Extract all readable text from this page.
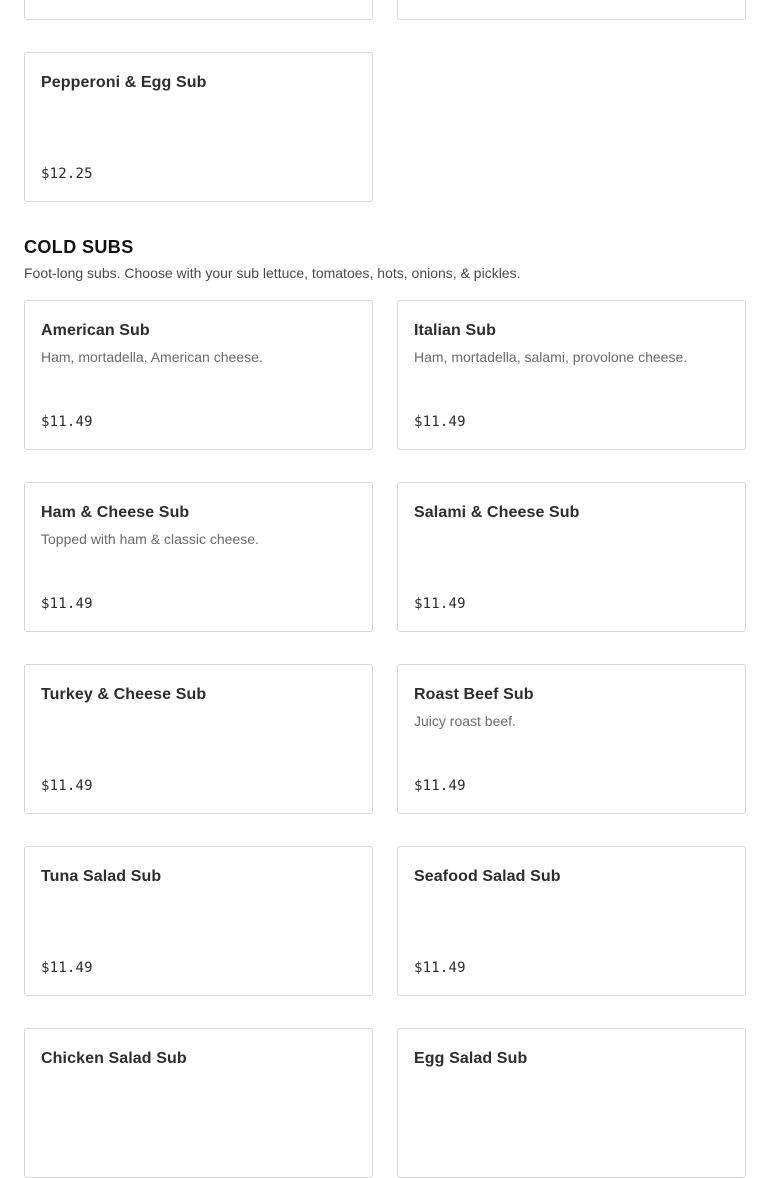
Pepperoni & Egg Sub
$12.25
COLD SUBS
Foot-long subs. Choose with your sub lettuce, tomatoes, hots, onions, & pickles.
American Sub
Ham, mortadella, American cheese.
$11.49
Italian Sub
Ham, mortadella, salami, provolone cheese.
$11.49
Ham & Cheese Sub
Topped with ham & classic cheese.
$11.49
Salami & Cheese Sub
$11.49
Turkey & Cheese Sub
$11.49
Roast Beef Sub
Juicy roast beef.
$11.49
Tuna Salad Sub
$11.49
Seafood Salad Sub
$11.49
Chicken Salad Sub	Egg Salad Sub
